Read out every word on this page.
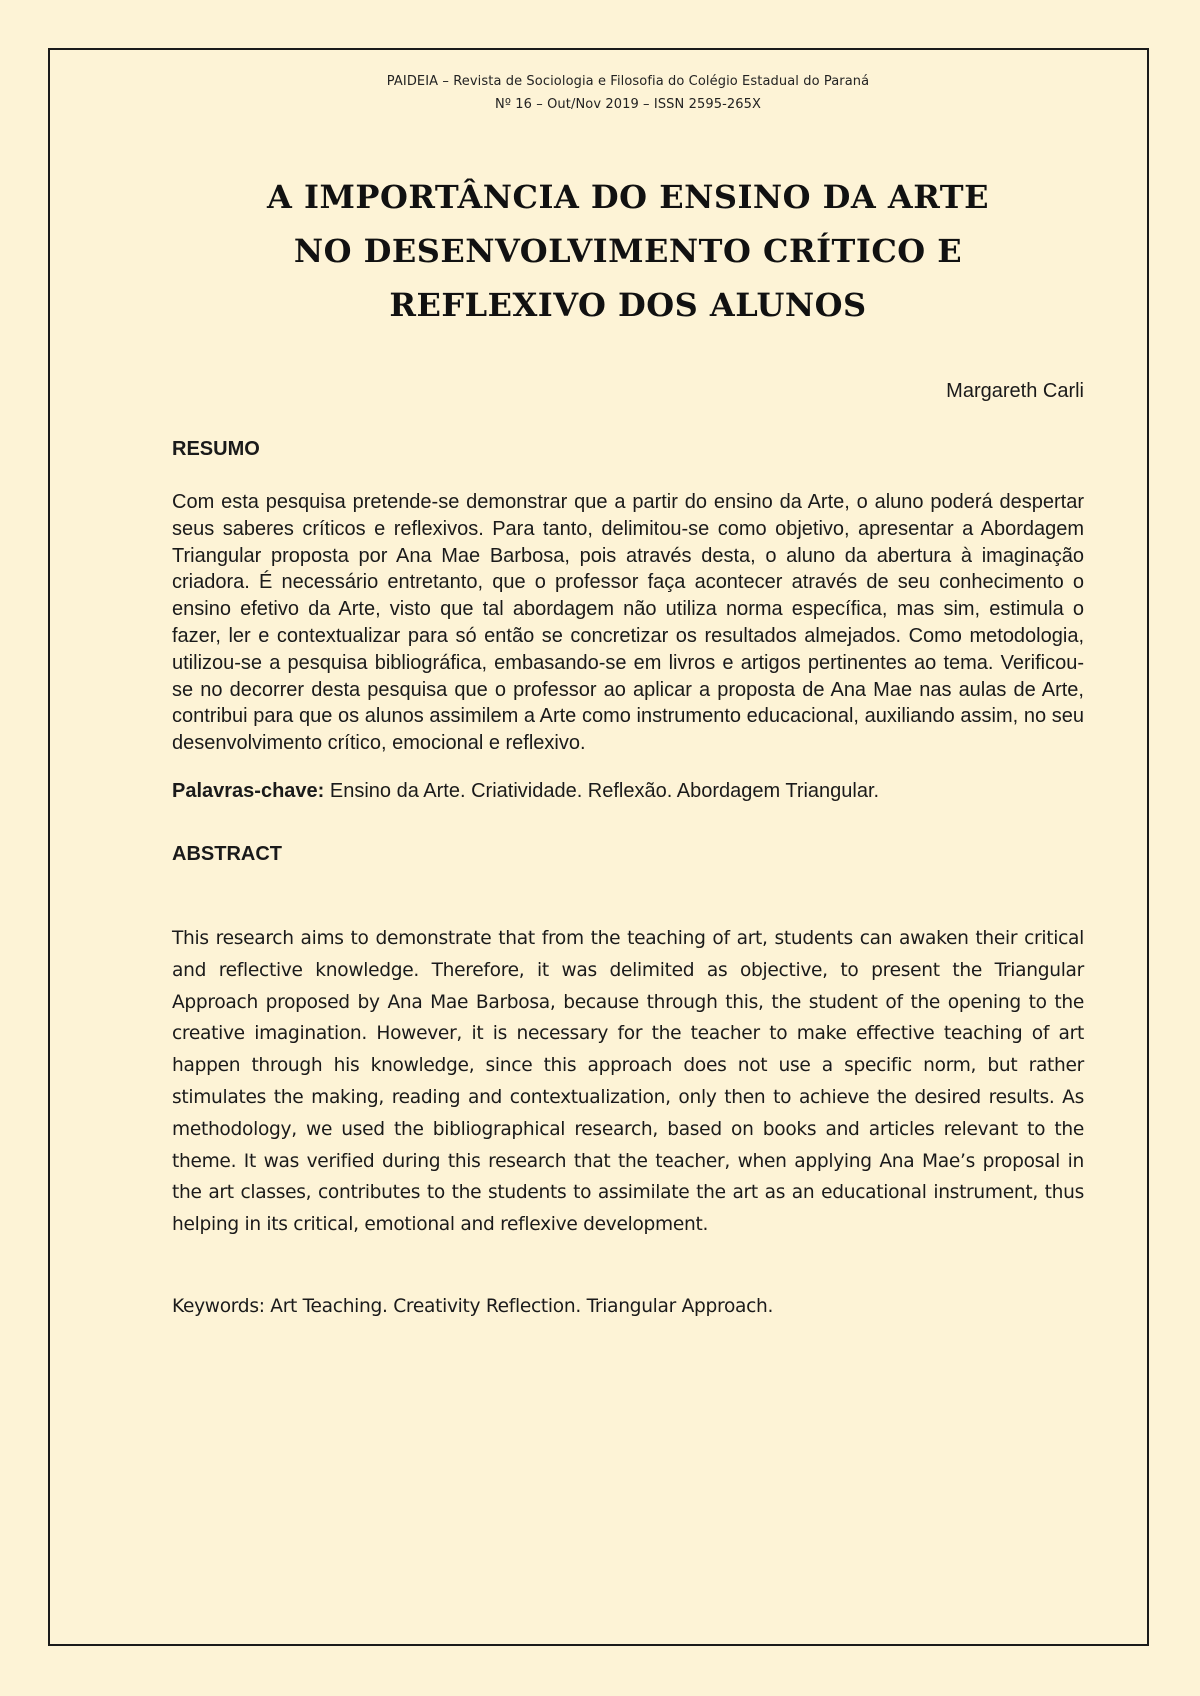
PAIDEIA – Revista de Sociologia e Filosofia do Colégio Estadual do Paraná
Nº 16 – Out/Nov 2019 – ISSN 2595-265X
A IMPORTÂNCIA DO ENSINO DA ARTE
NO DESENVOLVIMENTO CRÍTICO E
REFLEXIVO DOS ALUNOS
Margareth Carli
RESUMO

Com esta pesquisa pretende-se demonstrar que a partir do ensino da Arte, o aluno poderá despertar seus saberes críticos e reflexivos. Para tanto, delimitou-se como objetivo, apresentar a Abordagem Triangular proposta por Ana Mae Barbosa, pois através desta, o aluno da abertura à imaginação criadora. É necessário entretanto, que o professor faça acontecer através de seu conhecimento o ensino efetivo da Arte, visto que tal abordagem não utiliza norma específica, mas sim, estimula o fazer, ler e contextualizar para só então se concretizar os resultados almejados. Como metodologia, utilizou-se a pesquisa bibliográfica, embasando-se em livros e artigos pertinentes ao tema. Verificou-se no decorrer desta pesquisa que o professor ao aplicar a proposta de Ana Mae nas aulas de Arte, contribui para que os alunos assimilem a Arte como instrumento educacional, auxiliando assim, no seu desenvolvimento crítico, emocional e reflexivo.

Palavras-chave: Ensino da Arte. Criatividade. Reflexão. Abordagem Triangular.
ABSTRACT

This research aims to demonstrate that from the teaching of art, students can awaken their critical and reflective knowledge. Therefore, it was delimited as objective, to present the Triangular Approach proposed by Ana Mae Barbosa, because through this, the student of the opening to the creative imagination. However, it is necessary for the teacher to make effective teaching of art happen through his knowledge, since this approach does not use a specific norm, but rather stimulates the making, reading and contextualization, only then to achieve the desired results. As methodology, we used the bibliographical research, based on books and articles relevant to the theme. It was verified during this research that the teacher, when applying Ana Mae’s proposal in the art classes, contributes to the students to assimilate the art as an educational instrument, thus helping in its critical, emotional and reflexive development.

Keywords: Art Teaching. Creativity Reflection. Triangular Approach.
